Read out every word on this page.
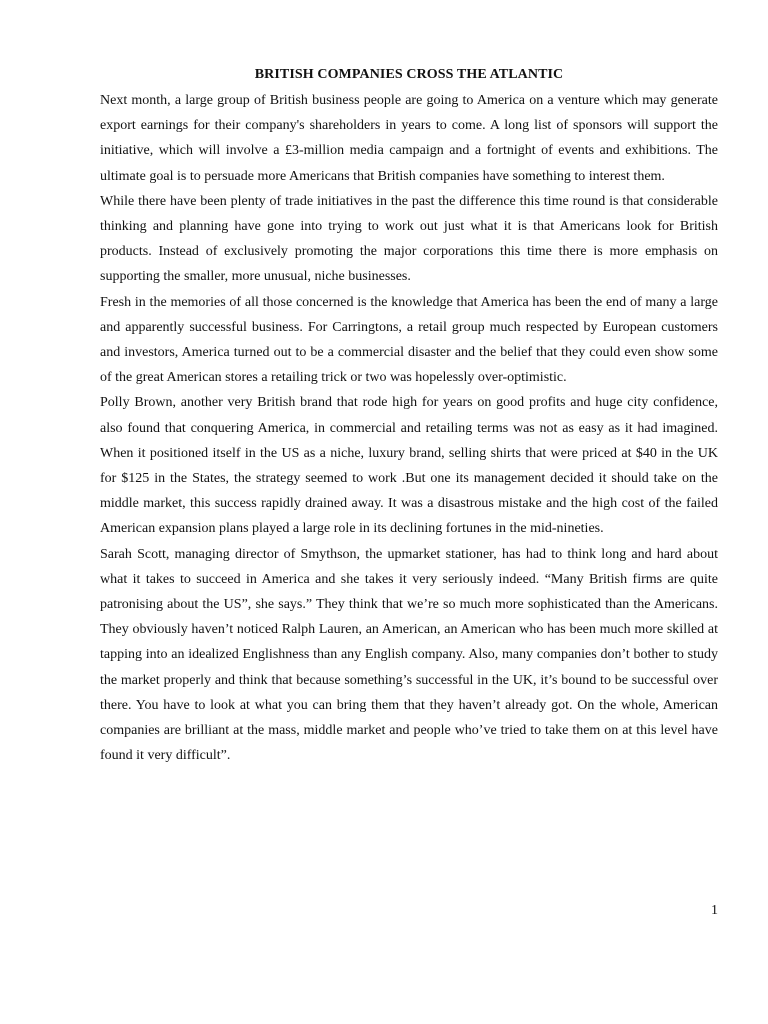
BRITISH COMPANIES CROSS THE ATLANTIC

Next month, a large group of British business people are going to America on a venture which may generate export earnings for their company's shareholders in years to come. A long list of sponsors will support the initiative, which will involve a £3-million media campaign and a fortnight of events and exhibitions. The ultimate goal is to persuade more Americans that British companies have something to interest them.

While there have been plenty of trade initiatives in the past the difference this time round is that considerable thinking and planning have gone into trying to work out just what it is that Americans look for British products. Instead of exclusively promoting the major corporations this time there is more emphasis on supporting the smaller, more unusual, niche businesses.

Fresh in the memories of all those concerned is the knowledge that America has been the end of many a large and apparently successful business. For Carringtons, a retail group much respected by European customers and investors, America turned out to be a commercial disaster and the belief that they could even show some of the great American stores a retailing trick or two was hopelessly over-optimistic.

Polly Brown, another very British brand that rode high for years on good profits and huge city confidence, also found that conquering America, in commercial and retailing terms was not as easy as it had imagined. When it positioned itself in the US as a niche, luxury brand, selling shirts that were priced at $40 in the UK for $125 in the States, the strategy seemed to work .But one its management decided it should take on the middle market, this success rapidly drained away. It was a disastrous mistake and the high cost of the failed American expansion plans played a large role in its declining fortunes in the mid-nineties.

Sarah Scott, managing director of Smythson, the upmarket stationer, has had to think long and hard about what it takes to succeed in America and she takes it very seriously indeed. “Many British firms are quite patronising about the US”, she says.” They think that we’re so much more sophisticated than the Americans. They obviously haven’t noticed Ralph Lauren, an American, an American who has been much more skilled at tapping into an idealized Englishness than any English company. Also, many companies don’t bother to study the market properly and think that because something’s successful in the UK, it’s bound to be successful over there. You have to look at what you can bring them that they haven’t already got. On the whole, American companies are brilliant at the mass, middle market and people who’ve tried to take them on at this level have found it very difficult”.

1
